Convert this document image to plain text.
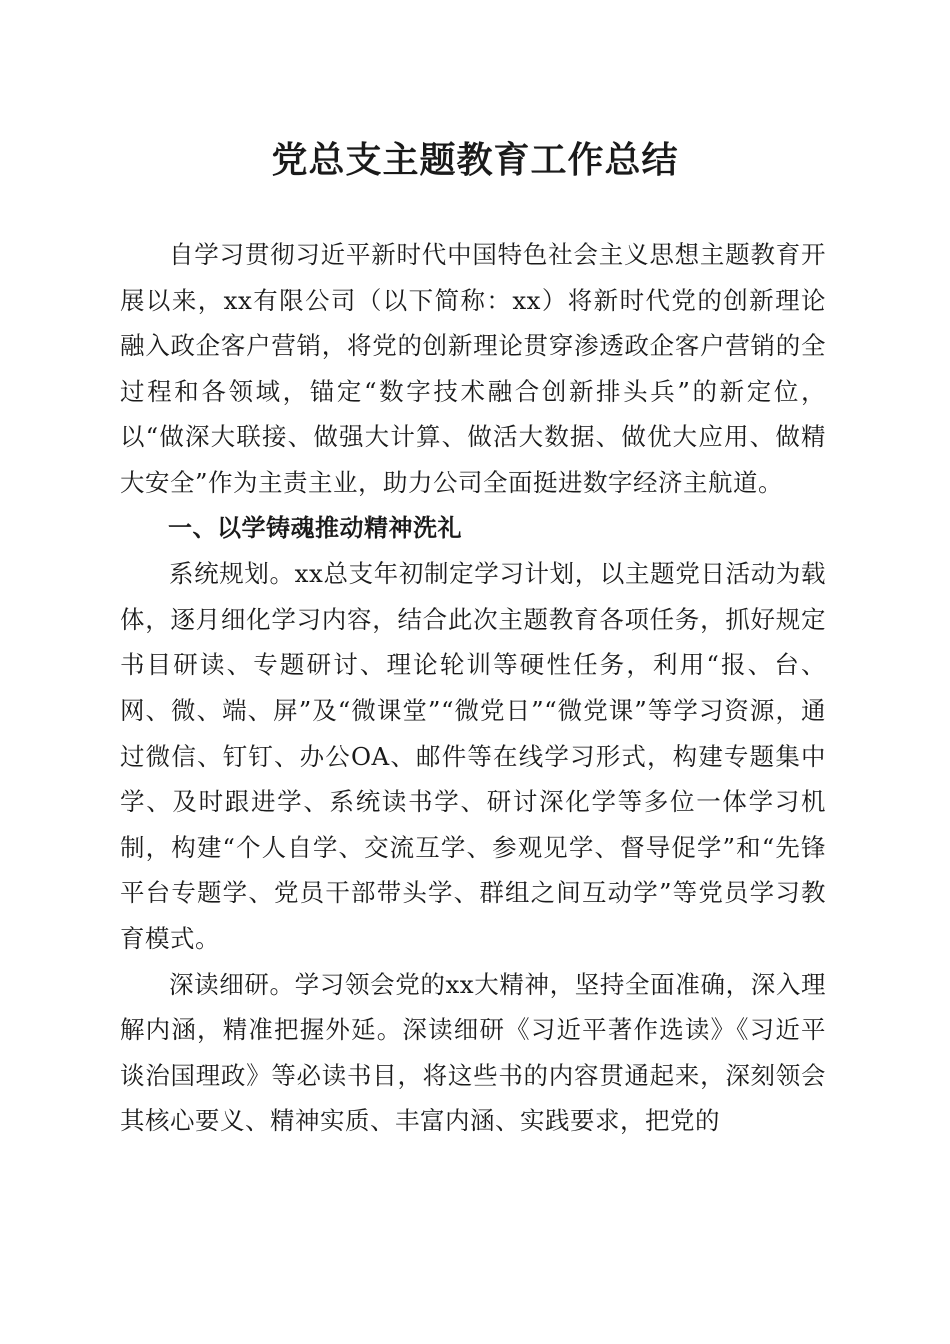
党总支主题教育工作总结

自学习贯彻习近平新时代中国特色社会主义思想主题教育开展以来，xx有限公司（以下简称：xx）将新时代党的创新理论融入政企客户营销，将党的创新理论贯穿渗透政企客户营销的全过程和各领域，锚定“数字技术融合创新排头兵”的新定位，以“做深大联接、做强大计算、做活大数据、做优大应用、做精大安全”作为主责主业，助力公司全面挺进数字经济主航道。

一、以学铸魂推动精神洗礼

系统规划。xx总支年初制定学习计划，以主题党日活动为载体，逐月细化学习内容，结合此次主题教育各项任务，抓好规定书目研读、专题研讨、理论轮训等硬性任务，利用“报、台、网、微、端、屏”及“微课堂”“微党日”“微党课”等学习资源，通过微信、钉钉、办公OA、邮件等在线学习形式，构建专题集中学、及时跟进学、系统读书学、研讨深化学等多位一体学习机制，构建“个人自学、交流互学、参观见学、督导促学”和“先锋平台专题学、党员干部带头学、群组之间互动学”等党员学习教育模式。

深读细研。学习领会党的xx大精神，坚持全面准确，深入理解内涵，精准把握外延。深读细研《习近平著作选读》《习近平谈治国理政》等必读书目，将这些书的内容贯通起来，深刻领会其核心要义、精神实质、丰富内涵、实践要求，把党的
